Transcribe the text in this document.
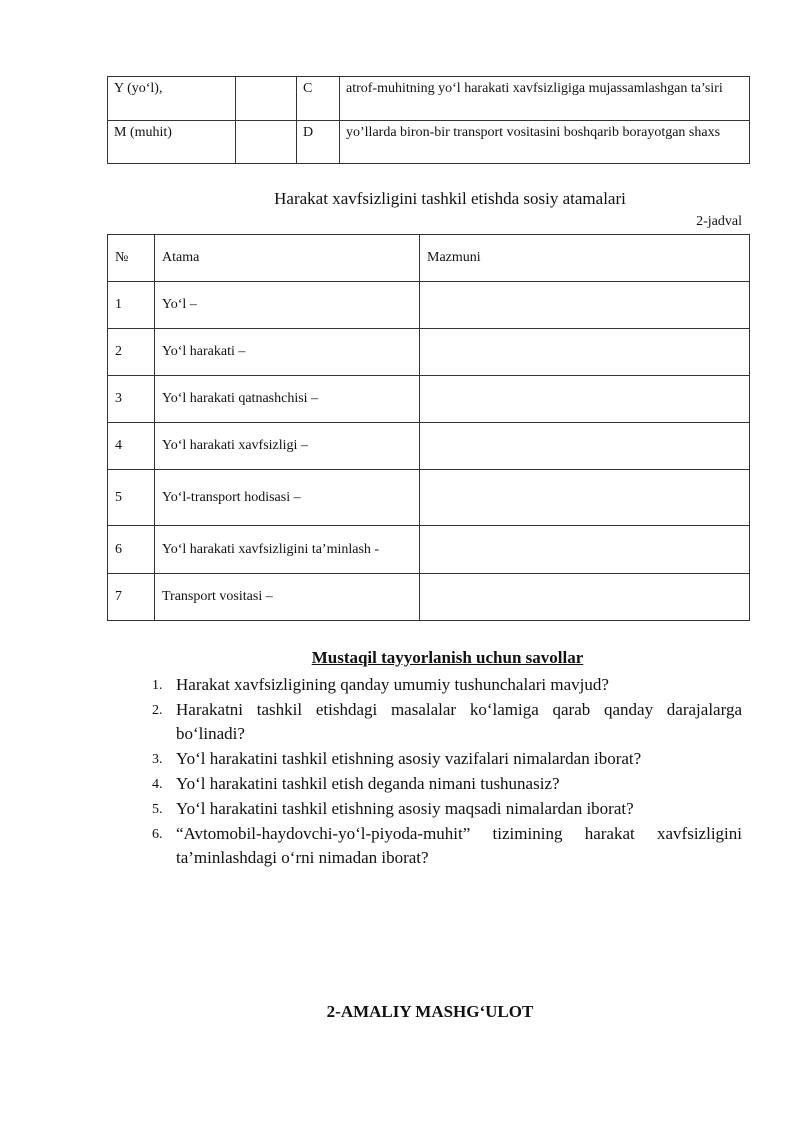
Y (yo‘l),		C	atrof-muhitning yo‘l harakati xavfsizligiga mujassamlashgan ta’siri
M (muhit)		D	yo’llarda biron-bir transport vositasini boshqarib borayotgan shaxs
Harakat xavfsizligini tashkil etishda sosiy atamalari
2-jadval
№	Atama	Mazmuni
1	Yo‘l –	
2	Yo‘l harakati –	
3	Yo‘l harakati qatnashchisi –	
4	Yo‘l harakati xavfsizligi –	
5	Yo‘l-transport hodisasi –	
6	Yo‘l harakati xavfsizligini ta’minlash -	
7	Transport vositasi –	
Mustaqil tayyorlanish uchun savollar
1. Harakat xavfsizligining qanday umumiy tushunchalari mavjud?
2. Harakatni tashkil etishdagi masalalar ko‘lamiga qarab qanday darajalarga bo‘linadi?
3. Yo‘l harakatini tashkil etishning asosiy vazifalari nimalardan iborat?
4. Yo‘l harakatini tashkil etish deganda nimani tushunasiz?
5. Yo‘l harakatini tashkil etishning asosiy maqsadi nimalardan iborat?
6. “Avtomobil-haydovchi-yo‘l-piyoda-muhit” tizimining harakat xavfsizligini ta’minlashdagi o‘rni nimadan iborat?
2-AMALIY MASHG‘ULOT
